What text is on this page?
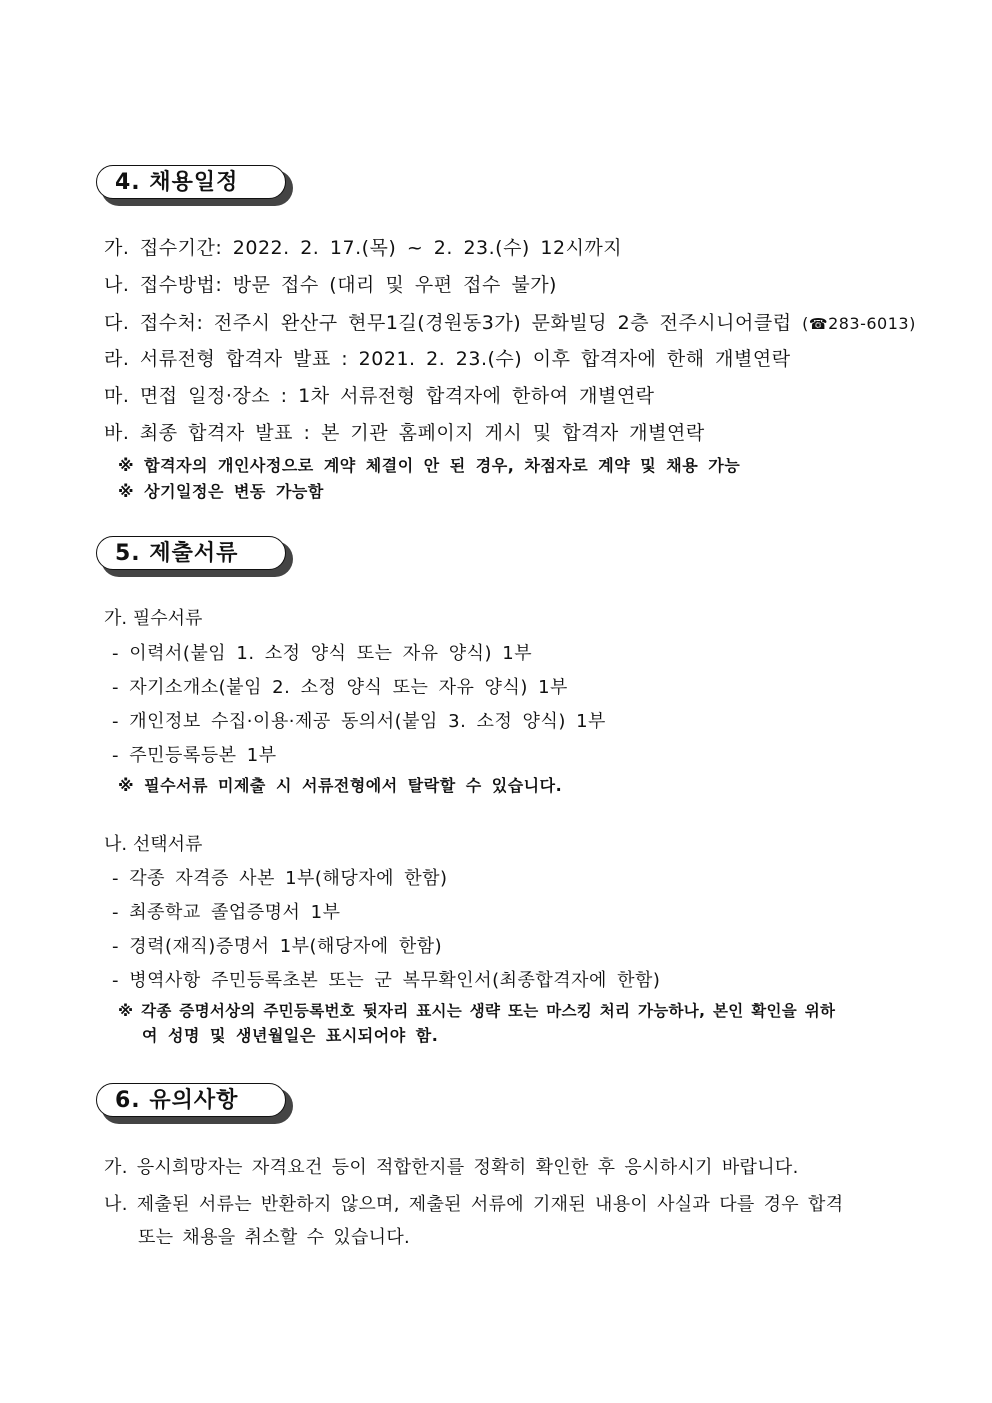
4. 채용일정
가. 접수기간: 2022. 2. 17.(목) ~ 2. 23.(수) 12시까지
나. 접수방법: 방문 접수 (대리 및 우편 접수 불가)
다. 접수처: 전주시 완산구 현무1길(경원동3가) 문화빌딩 2층 전주시니어클럽 (☎283-6013)
라. 서류전형 합격자 발표 : 2021. 2. 23.(수) 이후 합격자에 한해 개별연락
마. 면접 일정·장소 : 1차 서류전형 합격자에 한하여 개별연락
바. 최종 합격자 발표 : 본 기관 홈페이지 게시 및 합격자 개별연락
※ 합격자의 개인사정으로 계약 체결이 안 된 경우, 차점자로 계약 및 채용 가능
※ 상기일정은 변동 가능함
5. 제출서류
가. 필수서류
- 이력서(붙임 1. 소정 양식 또는 자유 양식) 1부
- 자기소개소(붙임 2. 소정 양식 또는 자유 양식) 1부
- 개인정보 수집·이용·제공 동의서(붙임 3. 소정 양식) 1부
- 주민등록등본 1부
※ 필수서류 미제출 시 서류전형에서 탈락할 수 있습니다.
나. 선택서류
- 각종 자격증 사본 1부(해당자에 한함)
- 최종학교 졸업증명서 1부
- 경력(재직)증명서 1부(해당자에 한함)
- 병역사항 주민등록초본 또는 군 복무확인서(최종합격자에 한함)
※ 각종 증명서상의 주민등록번호 뒷자리 표시는 생략 또는 마스킹 처리 가능하나, 본인 확인을 위하
여 성명 및 생년월일은 표시되어야 함.
6. 유의사항
가. 응시희망자는 자격요건 등이 적합한지를 정확히 확인한 후 응시하시기 바랍니다.
나. 제출된 서류는 반환하지 않으며, 제출된 서류에 기재된 내용이 사실과 다를 경우 합격
또는 채용을 취소할 수 있습니다.
